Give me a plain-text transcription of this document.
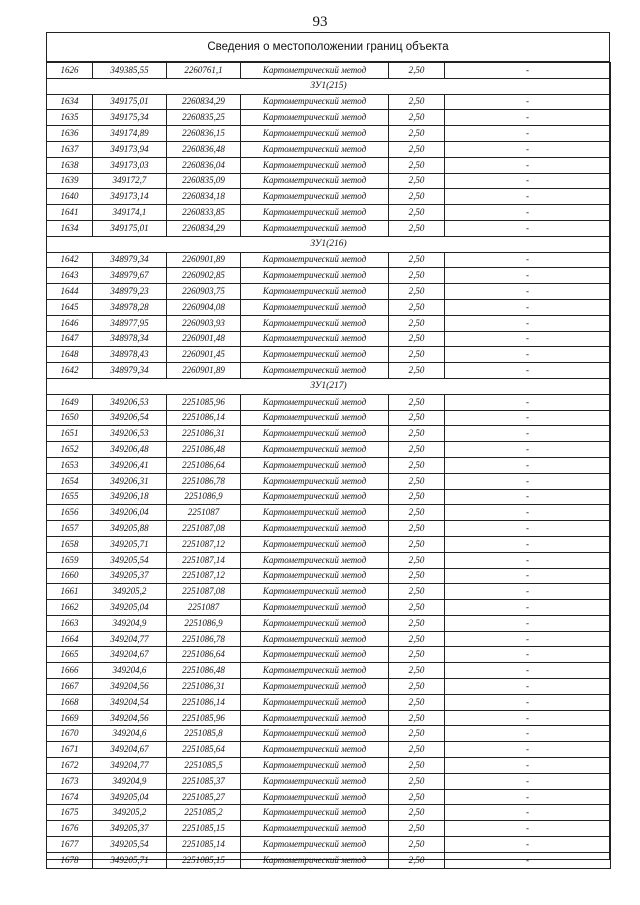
93
Сведения о местоположении границ объекта
1626	349385,55	2260761,1	Картометрический метод	2,50	-
ЗУ1(215)					
1634	349175,01	2260834,29	Картометрический метод	2,50	-
1635	349175,34	2260835,25	Картометрический метод	2,50	-
1636	349174,89	2260836,15	Картометрический метод	2,50	-
1637	349173,94	2260836,48	Картометрический метод	2,50	-
1638	349173,03	2260836,04	Картометрический метод	2,50	-
1639	349172,7	2260835,09	Картометрический метод	2,50	-
1640	349173,14	2260834,18	Картометрический метод	2,50	-
1641	349174,1	2260833,85	Картометрический метод	2,50	-
1634	349175,01	2260834,29	Картометрический метод	2,50	-
ЗУ1(216)					
1642	348979,34	2260901,89	Картометрический метод	2,50	-
1643	348979,67	2260902,85	Картометрический метод	2,50	-
1644	348979,23	2260903,75	Картометрический метод	2,50	-
1645	348978,28	2260904,08	Картометрический метод	2,50	-
1646	348977,95	2260903,93	Картометрический метод	2,50	-
1647	348978,34	2260901,48	Картометрический метод	2,50	-
1648	348978,43	2260901,45	Картометрический метод	2,50	-
1642	348979,34	2260901,89	Картометрический метод	2,50	-
ЗУ1(217)					
1649	349206,53	2251085,96	Картометрический метод	2,50	-
1650	349206,54	2251086,14	Картометрический метод	2,50	-
1651	349206,53	2251086,31	Картометрический метод	2,50	-
1652	349206,48	2251086,48	Картометрический метод	2,50	-
1653	349206,41	2251086,64	Картометрический метод	2,50	-
1654	349206,31	2251086,78	Картометрический метод	2,50	-
1655	349206,18	2251086,9	Картометрический метод	2,50	-
1656	349206,04	2251087	Картометрический метод	2,50	-
1657	349205,88	2251087,08	Картометрический метод	2,50	-
1658	349205,71	2251087,12	Картометрический метод	2,50	-
1659	349205,54	2251087,14	Картометрический метод	2,50	-
1660	349205,37	2251087,12	Картометрический метод	2,50	-
1661	349205,2	2251087,08	Картометрический метод	2,50	-
1662	349205,04	2251087	Картометрический метод	2,50	-
1663	349204,9	2251086,9	Картометрический метод	2,50	-
1664	349204,77	2251086,78	Картометрический метод	2,50	-
1665	349204,67	2251086,64	Картометрический метод	2,50	-
1666	349204,6	2251086,48	Картометрический метод	2,50	-
1667	349204,56	2251086,31	Картометрический метод	2,50	-
1668	349204,54	2251086,14	Картометрический метод	2,50	-
1669	349204,56	2251085,96	Картометрический метод	2,50	-
1670	349204,6	2251085,8	Картометрический метод	2,50	-
1671	349204,67	2251085,64	Картометрический метод	2,50	-
1672	349204,77	2251085,5	Картометрический метод	2,50	-
1673	349204,9	2251085,37	Картометрический метод	2,50	-
1674	349205,04	2251085,27	Картометрический метод	2,50	-
1675	349205,2	2251085,2	Картометрический метод	2,50	-
1676	349205,37	2251085,15	Картометрический метод	2,50	-
1677	349205,54	2251085,14	Картометрический метод	2,50	-
1678	349205,71	2251085,15	Картометрический метод	2,50	-
